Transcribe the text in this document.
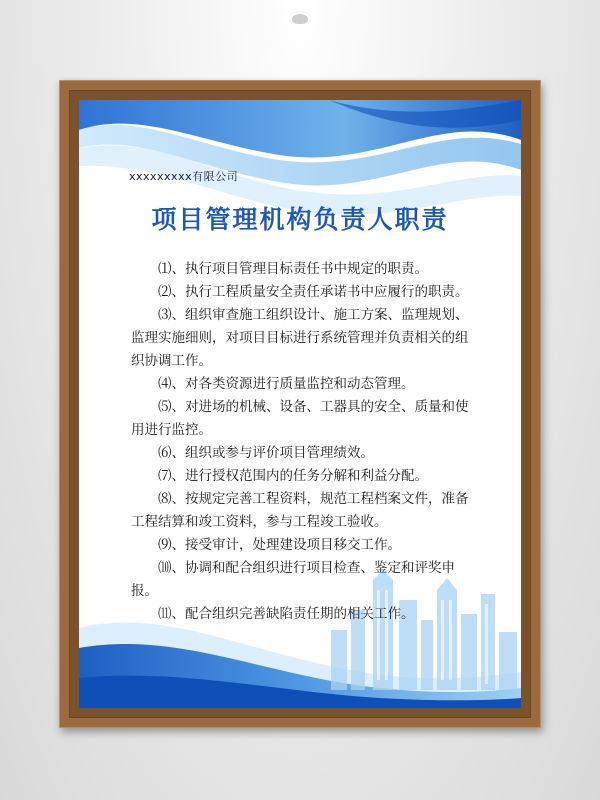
xxxxxxxxx有限公司
项目管理机构负责人职责

⑴、执行项目管理目标责任书中规定的职责。

⑵、执行工程质量安全责任承诺书中应履行的职责。

⑶、组织审查施工组织设计、施工方案、监理规划、监理实施细则，对项目目标进行系统管理并负责相关的组织协调工作。

⑷、对各类资源进行质量监控和动态管理。

⑸、对进场的机械、设备、工器具的安全、质量和使用进行监控。

⑹、组织或参与评价项目管理绩效。

⑺、进行授权范围内的任务分解和利益分配。

⑻、按规定完善工程资料，规范工程档案文件，准备工程结算和竣工资料，参与工程竣工验收。

⑼、接受审计，处理建设项目移交工作。

⑽、协调和配合组织进行项目检查、鉴定和评奖申报。

⑾、配合组织完善缺陷责任期的相关工作。
